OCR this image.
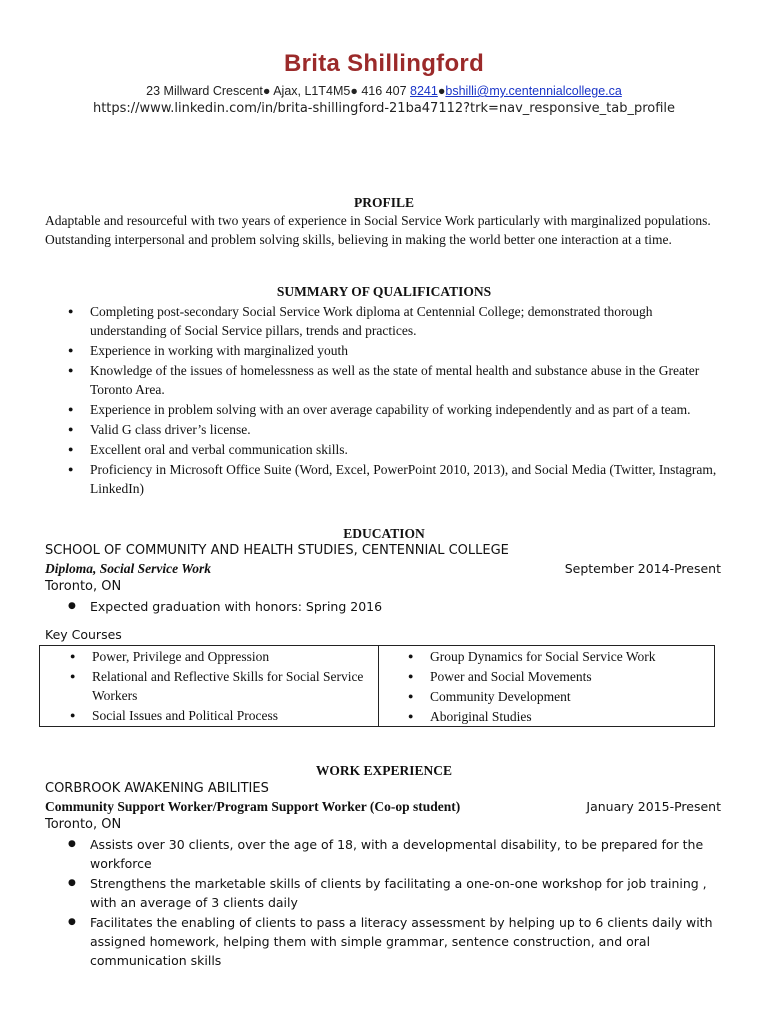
Brita Shillingford
23 Millward Crescent● Ajax, L1T4M5● 416 407 8241●bshilli@my.centennialcollege.ca
https://www.linkedin.com/in/brita-shillingford-21ba47112?trk=nav_responsive_tab_profile
PROFILE
Adaptable and resourceful with two years of experience in Social Service Work particularly with marginalized populations. Outstanding interpersonal and problem solving skills, believing in making the world better one interaction at a time.
SUMMARY OF QUALIFICATIONS
● Completing post-secondary Social Service Work diploma at Centennial College; demonstrated thorough understanding of Social Service pillars, trends and practices.
● Experience in working with marginalized youth
● Knowledge of the issues of homelessness as well as the state of mental health and substance abuse in the Greater Toronto Area.
● Experience in problem solving with an over average capability of working independently and as part of a team.
● Valid G class driver’s license.
● Excellent oral and verbal communication skills.
● Proficiency in Microsoft Office Suite (Word, Excel, PowerPoint 2010, 2013), and Social Media (Twitter, Instagram, LinkedIn)
EDUCATION
SCHOOL OF COMMUNITY AND HEALTH STUDIES, CENTENNIAL COLLEGE
Diploma, Social Service Work	September 2014-Present
Toronto, ON
● Expected graduation with honors: Spring 2016
Key Courses
● Power, Privilege and Oppression
● Relational and Reflective Skills for Social Service Workers
● Social Issues and Political Process
● Group Dynamics for Social Service Work
● Power and Social Movements
● Community Development
● Aboriginal Studies
WORK EXPERIENCE
CORBROOK AWAKENING ABILITIES
Community Support Worker/Program Support Worker (Co-op student)	January 2015-Present
Toronto, ON
● Assists over 30 clients, over the age of 18, with a developmental disability, to be prepared for the workforce
● Strengthens the marketable skills of clients by facilitating a one-on-one workshop for job training , with an average of 3 clients daily
● Facilitates the enabling of clients to pass a literacy assessment by helping up to 6 clients daily with assigned homework, helping them with simple grammar, sentence construction, and oral communication skills
